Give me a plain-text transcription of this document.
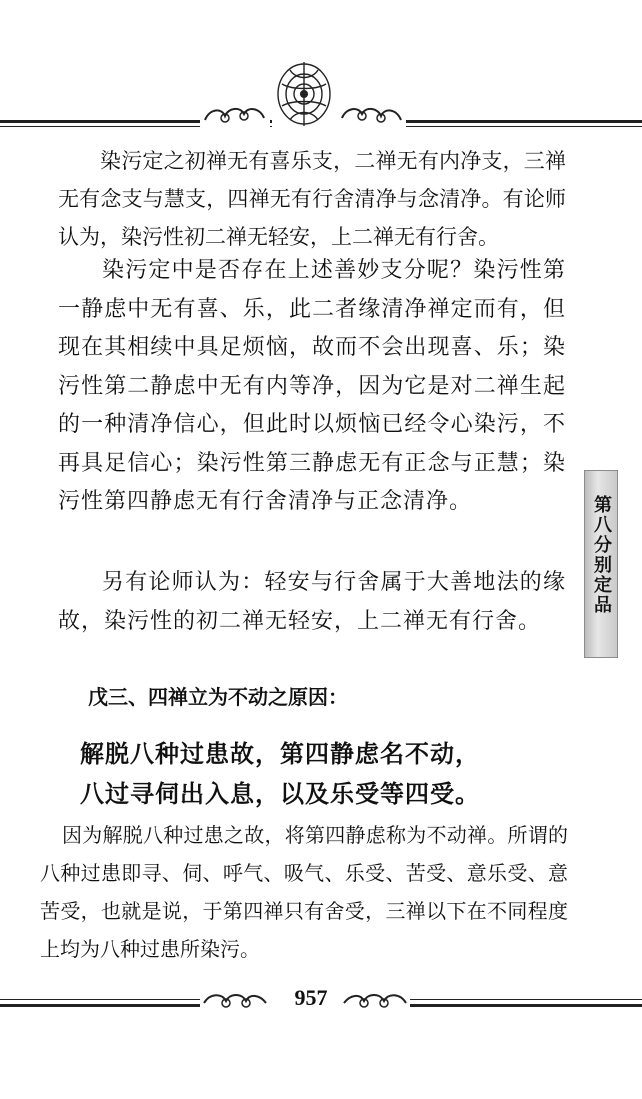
染污定之初禅无有喜乐支，二禅无有内净支，三禅无有念支与慧支，四禅无有行舍清净与念清净。有论师认为，染污性初二禅无轻安，上二禅无有行舍。

染污定中是否存在上述善妙支分呢？染污性第一静虑中无有喜、乐，此二者缘清净禅定而有，但现在其相续中具足烦恼，故而不会出现喜、乐；染污性第二静虑中无有内等净，因为它是对二禅生起的一种清净信心，但此时以烦恼已经令心染污，不再具足信心；染污性第三静虑无有正念与正慧；染污性第四静虑无有行舍清净与正念清净。

另有论师认为：轻安与行舍属于大善地法的缘故，染污性的初二禅无轻安，上二禅无有行舍。

戊三、四禅立为不动之原因：
解脱八种过患故，第四静虑名不动，
八过寻伺出入息，以及乐受等四受。

因为解脱八种过患之故，将第四静虑称为不动禅。所谓的八种过患即寻、伺、呼气、吸气、乐受、苦受、意乐受、意苦受，也就是说，于第四禅只有舍受，三禅以下在不同程度上均为八种过患所染污。

第八分别定品
957
